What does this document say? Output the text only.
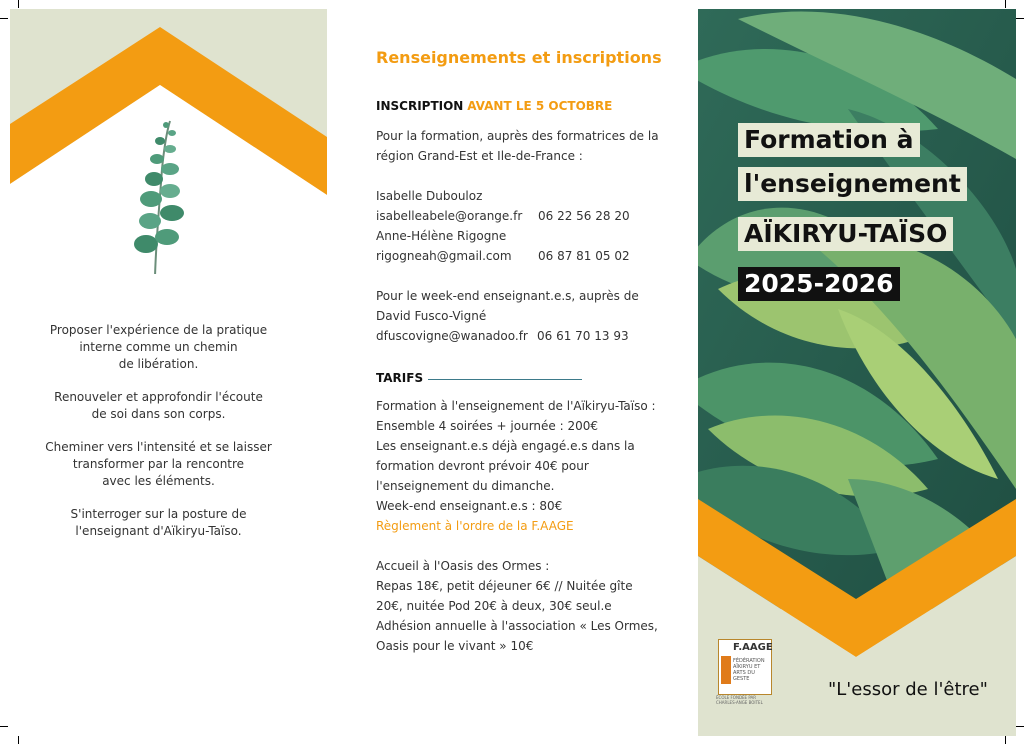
Proposer l'expérience de la pratique
interne comme un chemin
de libération.

Renouveler et approfondir l'écoute
de soi dans son corps.

Cheminer vers l'intensité et se laisser
transformer par la rencontre
avec les éléments.

S'interroger sur la posture de
l'enseignant d'Aïkiryu-Taïso.

Renseignements et inscriptions
INSCRIPTION AVANT LE 5 OCTOBRE
Pour la formation, auprès des formatrices de la
région Grand-Est et Ile-de-France :
Isabelle Dubouloz
isabelleabele@orange.fr 06 22 56 28 20
Anne-Hélène Rigogne
rigogneah@gmail.com 06 87 81 05 02
Pour le week-end enseignant.e.s, auprès de
David Fusco-Vigné
dfuscovigne@wanadoo.fr 06 61 70 13 93
TARIFS
Formation à l'enseignement de l'Aïkiryu-Taïso :
Ensemble 4 soirées + journée : 200€
Les enseignant.e.s déjà engagé.e.s dans la
formation devront prévoir 40€ pour
l'enseignement du dimanche.
Week-end enseignant.e.s : 80€
Règlement à l'ordre de la F.AAGE
Accueil à l'Oasis des Ormes :
Repas 18€, petit déjeuner 6€ // Nuitée gîte
20€, nuitée Pod 20€ à deux, 30€ seul.e
Adhésion annuelle à l'association « Les Ormes,
Oasis pour le vivant » 10€
Formation à
l'enseignement
AÏKIRYU-TAÏSO
2025-2026
F.AAGE
FÉDÉRATION AÏKIRYU ET ARTS DU GESTE
ÉCOLE FONDÉE PAR CHARLES-ANGE BOITEL
"L'essor de l'être"
